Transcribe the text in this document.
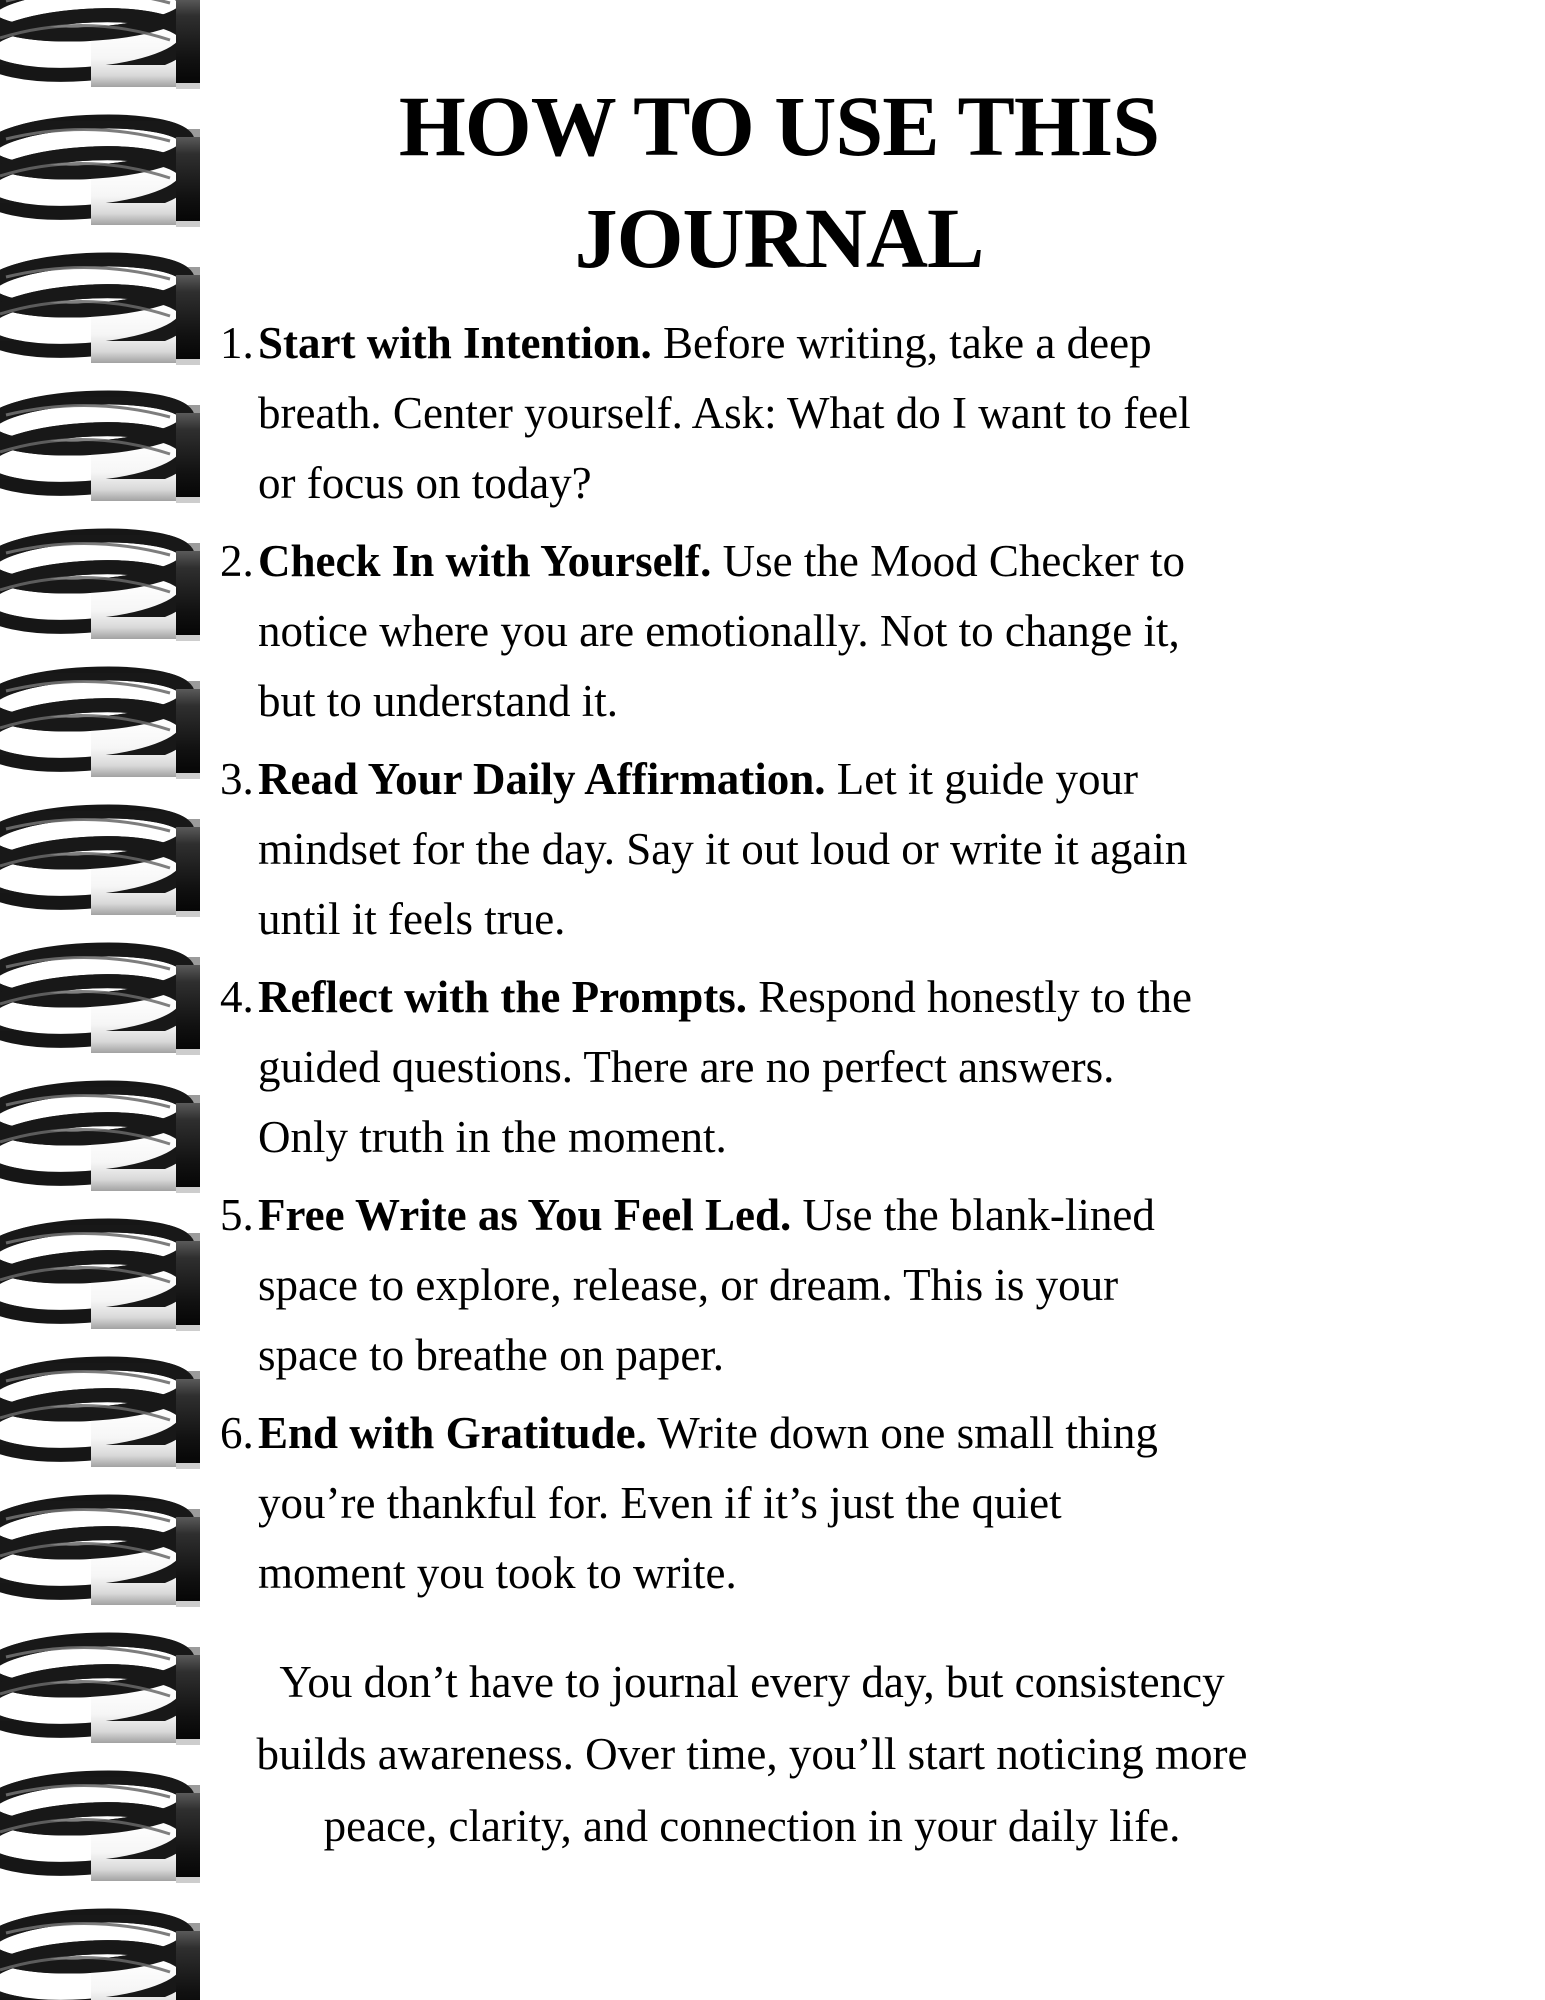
HOW TO USE THIS
JOURNAL
1.Start with Intention. Before writing, take a deep
breath. Center yourself. Ask: What do I want to feel
or focus on today?
2.Check In with Yourself. Use the Mood Checker to
notice where you are emotionally. Not to change it,
but to understand it.
3.Read Your Daily Affirmation. Let it guide your
mindset for the day. Say it out loud or write it again
until it feels true.
4.Reflect with the Prompts. Respond honestly to the
guided questions. There are no perfect answers.
Only truth in the moment.
5.Free Write as You Feel Led. Use the blank-lined
space to explore, release, or dream. This is your
space to breathe on paper.
6.End with Gratitude. Write down one small thing
you’re thankful for. Even if it’s just the quiet
moment you took to write.
You don’t have to journal every day, but consistency
builds awareness. Over time, you’ll start noticing more
peace, clarity, and connection in your daily life.
